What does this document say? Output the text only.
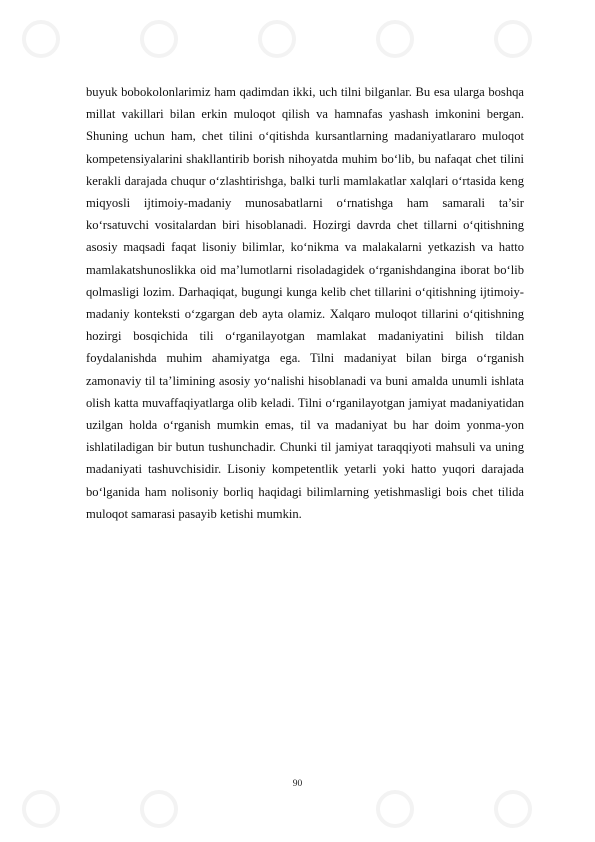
buyuk bobokolonlarimiz ham qadimdan ikki, uch tilni bilganlar. Bu esa ularga boshqa millat vakillari bilan erkin muloqot qilish va hamnafas yashash imkonini bergan. Shuning uchun ham, chet tilini o‘qitishda kursantlarning madaniyatlararo muloqot kompetensiyalarini shakllantirib borish nihoyatda muhim bo‘lib, bu nafaqat chet tilini kerakli darajada chuqur o‘zlashtirishga, balki turli mamlakatlar xalqlari o‘rtasida keng miqyosli ijtimoiy-madaniy munosabatlarni o‘rnatishga ham samarali ta’sir ko‘rsatuvchi vositalardan biri hisoblanadi. Hozirgi davrda chet tillarni o‘qitishning asosiy maqsadi faqat lisoniy bilimlar, ko‘nikma va malakalarni yetkazish va hatto mamlakatshunoslikka oid ma’lumotlarni risoladagidek o‘rganishdangina iborat bo‘lib qolmasligi lozim. Darhaqiqat, bugungi kunga kelib chet tillarini o‘qitishning ijtimoiy-madaniy konteksti o‘zgargan deb ayta olamiz. Xalqaro muloqot tillarini o‘qitishning hozirgi bosqichida tili o‘rganilayotgan mamlakat madaniyatini bilish tildan foydalanishda muhim ahamiyatga ega. Tilni madaniyat bilan birga o‘rganish zamonaviy til ta’limining asosiy yo‘nalishi hisoblanadi va buni amalda unumli ishlata olish katta muvaffaqiyatlarga olib keladi. Tilni o‘rganilayotgan jamiyat madaniyatidan uzilgan holda o‘rganish mumkin emas, til va madaniyat bu har doim yonma-yon ishlatiladigan bir butun tushunchadir. Chunki til jamiyat taraqqiyoti mahsuli va uning madaniyati tashuvchisidir. Lisoniy kompetentlik yetarli yoki hatto yuqori darajada bo‘lganida ham nolisoniy borliq haqidagi bilimlarning yetishmasligi bois chet tilida muloqot samarasi pasayib ketishi mumkin.

90
